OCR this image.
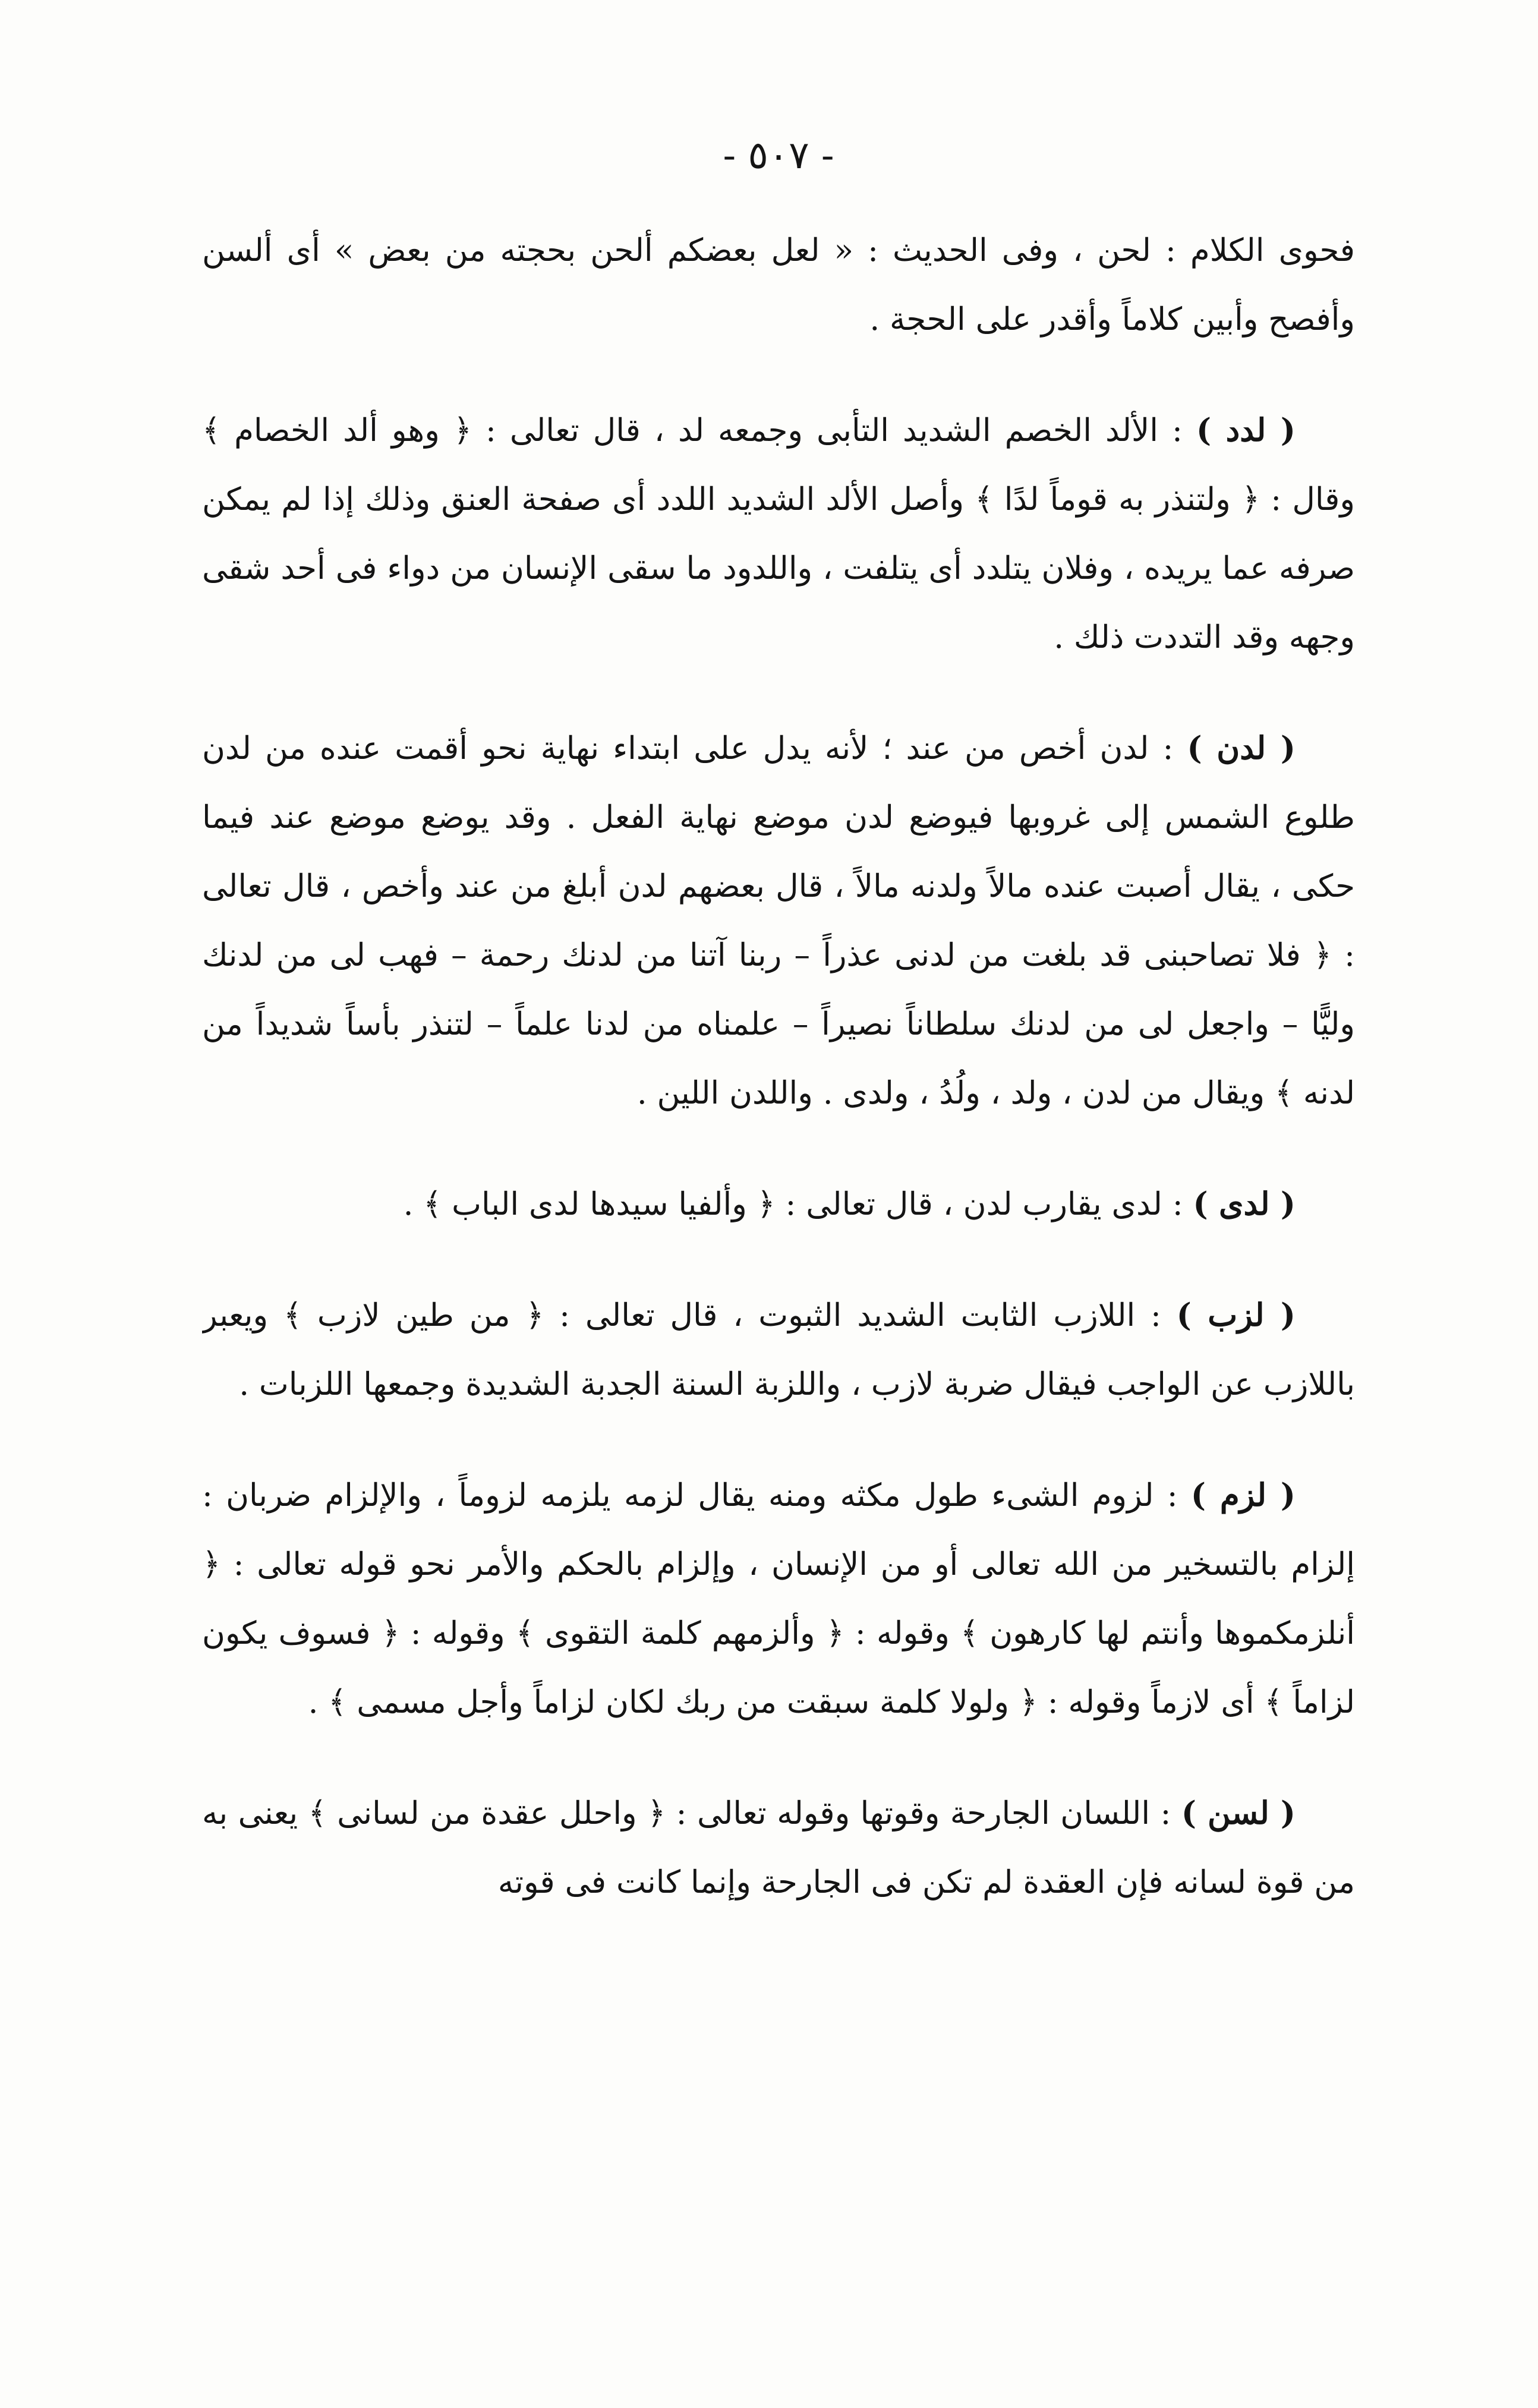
- ٥٠٧ -

فحوى الكلام : لحن ، وفى الحديث : « لعل بعضكم ألحن بحجته من بعض » أى ألسن وأفصح وأبين كلاماً وأقدر على الحجة .

( لدد ) : الألد الخصم الشديد التأبى وجمعه لد ، قال تعالى : ﴿ وهو ألد الخصام ﴾ وقال : ﴿ ولتنذر به قوماً لدًا ﴾ وأصل الألد الشديد اللدد أى صفحة العنق وذلك إذا لم يمكن صرفه عما يريده ، وفلان يتلدد أى يتلفت ، واللدود ما سقى الإنسان من دواء فى أحد شقى وجهه وقد التددت ذلك .

( لدن ) : لدن أخص من عند ؛ لأنه يدل على ابتداء نهاية نحو أقمت عنده من لدن طلوع الشمس إلى غروبها فيوضع لدن موضع نهاية الفعل . وقد يوضع موضع عند فيما حكى ، يقال أصبت عنده مالاً ولدنه مالاً ، قال بعضهم لدن أبلغ من عند وأخص ، قال تعالى : ﴿ فلا تصاحبنى قد بلغت من لدنى عذراً – ربنا آتنا من لدنك رحمة – فهب لى من لدنك وليًّا – واجعل لى من لدنك سلطاناً نصيراً – علمناه من لدنا علماً – لتنذر بأساً شديداً من لدنه ﴾ ويقال من لدن ، ولد ، ولُدُ ، ولدى . واللدن اللين .

( لدى ) : لدى يقارب لدن ، قال تعالى : ﴿ وألفيا سيدها لدى الباب ﴾ .

( لزب ) : اللازب الثابت الشديد الثبوت ، قال تعالى : ﴿ من طين لازب ﴾ ويعبر باللازب عن الواجب فيقال ضربة لازب ، واللزبة السنة الجدبة الشديدة وجمعها اللزبات .

( لزم ) : لزوم الشىء طول مكثه ومنه يقال لزمه يلزمه لزوماً ، والإلزام ضربان : إلزام بالتسخير من الله تعالى أو من الإنسان ، وإلزام بالحكم والأمر نحو قوله تعالى : ﴿ أنلزمكموها وأنتم لها كارهون ﴾ وقوله : ﴿ وألزمهم كلمة التقوى ﴾ وقوله : ﴿ فسوف يكون لزاماً ﴾ أى لازماً وقوله : ﴿ ولولا كلمة سبقت من ربك لكان لزاماً وأجل مسمى ﴾ .

( لسن ) : اللسان الجارحة وقوتها وقوله تعالى : ﴿ واحلل عقدة من لسانى ﴾ يعنى به من قوة لسانه فإن العقدة لم تكن فى الجارحة وإنما كانت فى قوته
